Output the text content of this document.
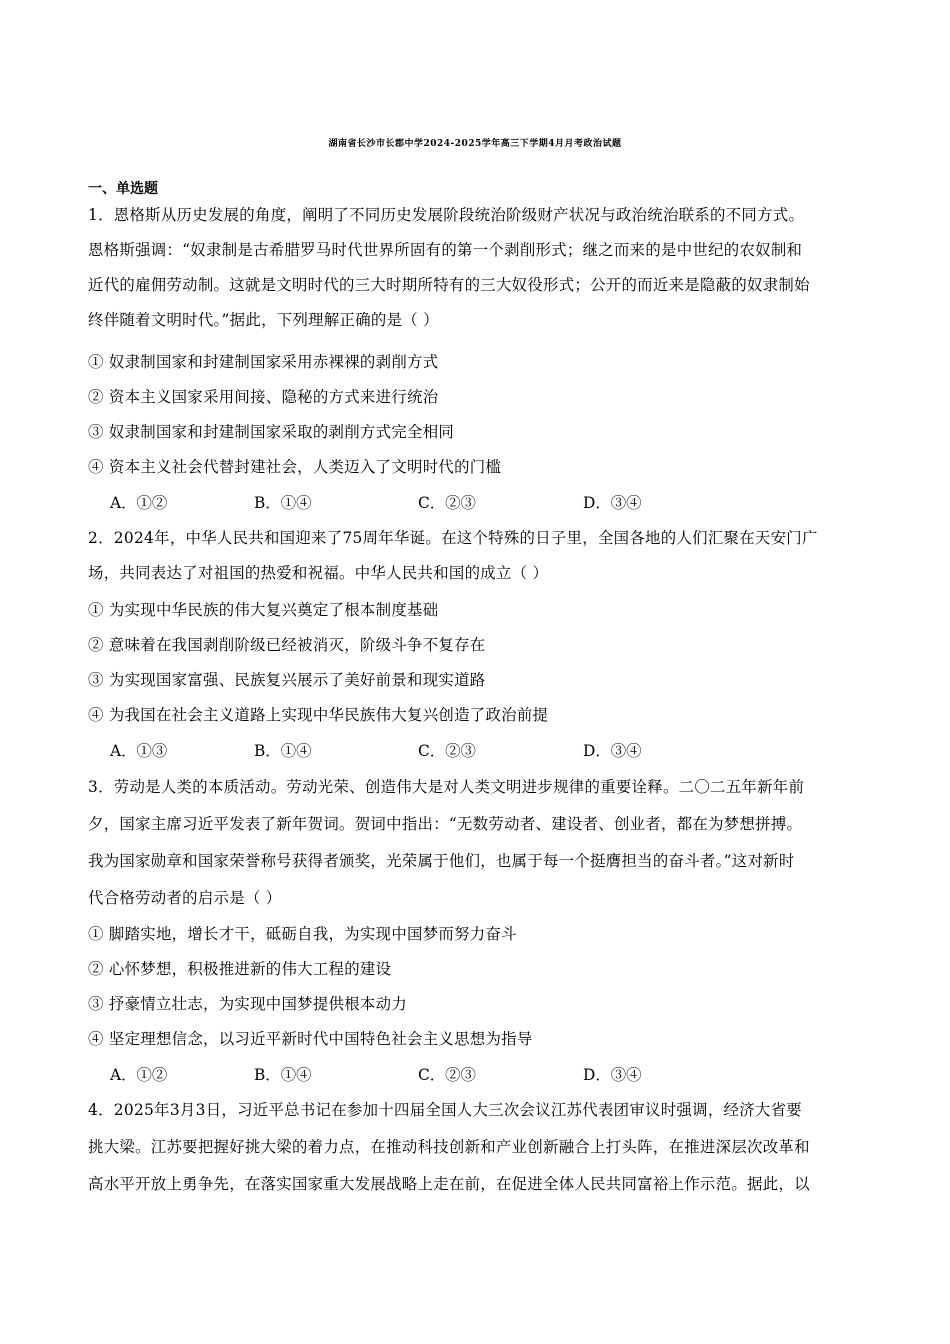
湖南省长沙市长郡中学2024-2025学年高三下学期4月月考政治试题
一、单选题
1．恩格斯从历史发展的角度，阐明了不同历史发展阶段统治阶级财产状况与政治统治联系的不同方式。
恩格斯强调：“奴隶制是古希腊罗马时代世界所固有的第一个剥削形式；继之而来的是中世纪的农奴制和
近代的雇佣劳动制。这就是文明时代的三大时期所特有的三大奴役形式；公开的而近来是隐蔽的奴隶制始
终伴随着文明时代。”据此，下列理解正确的是（ ）
① 奴隶制国家和封建制国家采用赤裸裸的剥削方式
② 资本主义国家采用间接、隐秘的方式来进行统治
③ 奴隶制国家和封建制国家采取的剥削方式完全相同
④ 资本主义社会代替封建社会，人类迈入了文明时代的门槛
A．①②	B．①④	C．②③	D．③④
2．2024年，中华人民共和国迎来了75周年华诞。在这个特殊的日子里，全国各地的人们汇聚在天安门广
场，共同表达了对祖国的热爱和祝福。中华人民共和国的成立（ ）
① 为实现中华民族的伟大复兴奠定了根本制度基础
② 意味着在我国剥削阶级已经被消灭，阶级斗争不复存在
③ 为实现国家富强、民族复兴展示了美好前景和现实道路
④ 为我国在社会主义道路上实现中华民族伟大复兴创造了政治前提
A．①③	B．①④	C．②③	D．③④
3．劳动是人类的本质活动。劳动光荣、创造伟大是对人类文明进步规律的重要诠释。二〇二五年新年前
夕，国家主席习近平发表了新年贺词。贺词中指出：“无数劳动者、建设者、创业者，都在为梦想拼搏。
我为国家勋章和国家荣誉称号获得者颁奖，光荣属于他们，也属于每一个挺膺担当的奋斗者。”这对新时
代合格劳动者的启示是（ ）
① 脚踏实地，增长才干，砥砺自我，为实现中国梦而努力奋斗
② 心怀梦想，积极推进新的伟大工程的建设
③ 抒豪情立壮志，为实现中国梦提供根本动力
④ 坚定理想信念，以习近平新时代中国特色社会主义思想为指导
A．①②	B．①④	C．②③	D．③④
4．2025年3月3日，习近平总书记在参加十四届全国人大三次会议江苏代表团审议时强调，经济大省要
挑大梁。江苏要把握好挑大梁的着力点，在推动科技创新和产业创新融合上打头阵，在推进深层次改革和
高水平开放上勇争先，在落实国家重大发展战略上走在前，在促进全体人民共同富裕上作示范。据此，以
